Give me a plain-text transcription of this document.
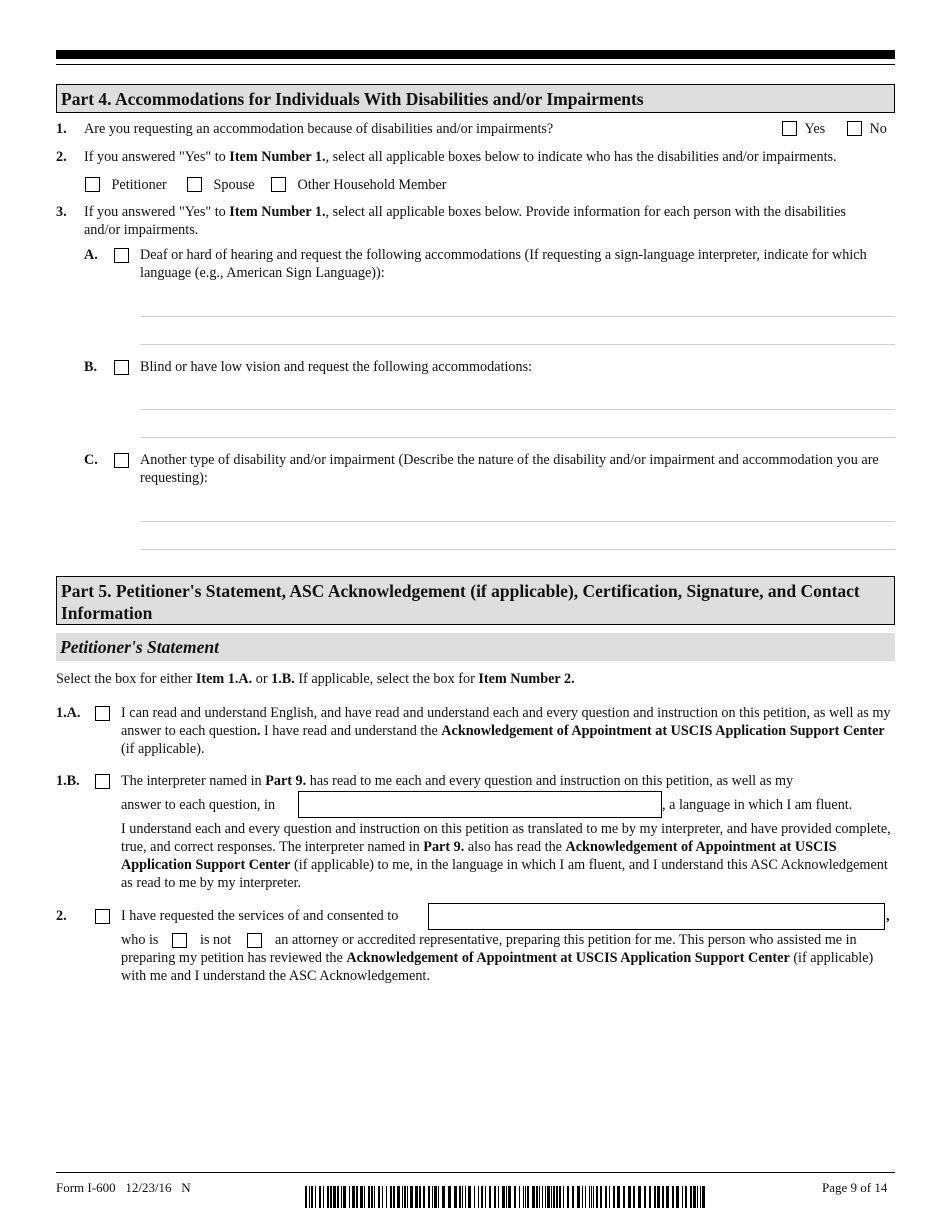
Part 4. Accommodations for Individuals With Disabilities and/or Impairments
1. Are you requesting an accommodation because of disabilities and/or impairments?	Yes	No
2. If you answered "Yes" to Item Number 1., select all applicable boxes below to indicate who has the disabilities and/or impairments.
Petitioner	Spouse	Other Household Member
3. If you answered "Yes" to Item Number 1., select all applicable boxes below. Provide information for each person with the disabilities and/or impairments.
A.	Deaf or hard of hearing and request the following accommodations (If requesting a sign-language interpreter, indicate for which language (e.g., American Sign Language)):
B.	Blind or have low vision and request the following accommodations:
C.	Another type of disability and/or impairment (Describe the nature of the disability and/or impairment and accommodation you are requesting):
Part 5. Petitioner's Statement, ASC Acknowledgement (if applicable), Certification, Signature, and Contact Information
Petitioner's Statement
Select the box for either Item 1.A. or 1.B. If applicable, select the box for Item Number 2.
1.A.	I can read and understand English, and have read and understand each and every question and instruction on this petition, as well as my answer to each question. I have read and understand the Acknowledgement of Appointment at USCIS Application Support Center (if applicable).
1.B.	The interpreter named in Part 9. has read to me each and every question and instruction on this petition, as well as my
answer to each question, in	, a language in which I am fluent.
I understand each and every question and instruction on this petition as translated to me by my interpreter, and have provided complete, true, and correct responses. The interpreter named in Part 9. also has read the Acknowledgement of Appointment at USCIS Application Support Center (if applicable) to me, in the language in which I am fluent, and I understand this ASC Acknowledgement as read to me by my interpreter.
2.	I have requested the services of and consented to	,
who is	is not	an attorney or accredited representative, preparing this petition for me. This person who assisted me in preparing my petition has reviewed the Acknowledgement of Appointment at USCIS Application Support Center (if applicable) with me and I understand the ASC Acknowledgement.
Form I-600   12/23/16   N	Page 9 of 14
